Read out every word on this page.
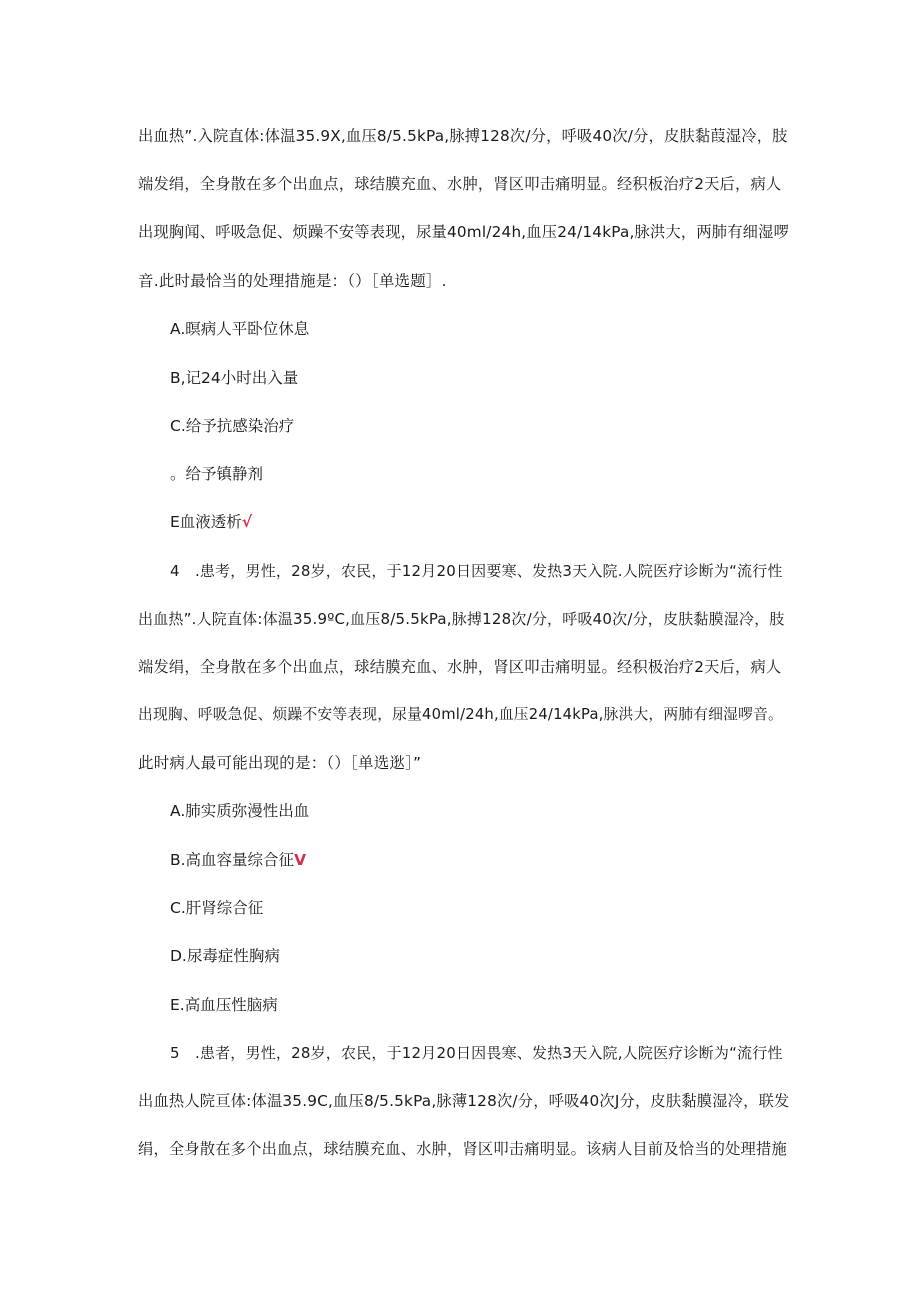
出血热”.入院直体:体温35.9X,血压8/5.5kPa,脉搏128次/分，呼吸40次/分，皮肤黏葭湿冷，肢
端发绢，全身散在多个出血点，球结膜充血、水肿，肾区叩击痛明显。经积板治疗2天后，病人
出现胸闻、呼吸急促、烦躁不安等表现，尿量40ml/24h,血压24/14kPa,脉洪大，两肺有细湿啰
音.此时最恰当的处理措施是：（）［单选题］.
A.暝病人平卧位休息
B,记24小时出入量
C.给予抗感染治疗
。给予镇静剂
E血液透析√
4　.患考，男性，28岁，农民，于12月20日因要寒、发热3天入院.人院医疗诊断为“流行性
出血热”.人院直体:体温35.9ºC,血压8/5.5kPa,脉搏128次/分，呼吸40次/分，皮肤黏膜湿冷，肢
端发绢，全身散在多个出血点，球结膜充血、水肿，肾区叩击痛明显。经积极治疗2天后，病人
出现胸、呼吸急促、烦躁不安等表现，尿量40ml/24h,血压24/14kPa,脉洪大，两肺有细湿啰音。
此时病人最可能出现的是：（）［单选逖］”
A.肺实质弥漫性出血
B.高血容量综合征V
C.肝肾综合征
D.尿毒症性胸病
E.高血压性脑病
5　.患者，男性，28岁，农民，于12月20日因畏寒、发热3天入院,人院医疗诊断为“流行性
出血热人院亘体:体温35.9C,血压8/5.5kPa,脉薄128次/分，呼吸40次J分，皮肤黏膜湿冷，联发
绢，全身散在多个出血点，球结膜充血、水肿，肾区叩击痛明显。该病人目前及恰当的处理措施
